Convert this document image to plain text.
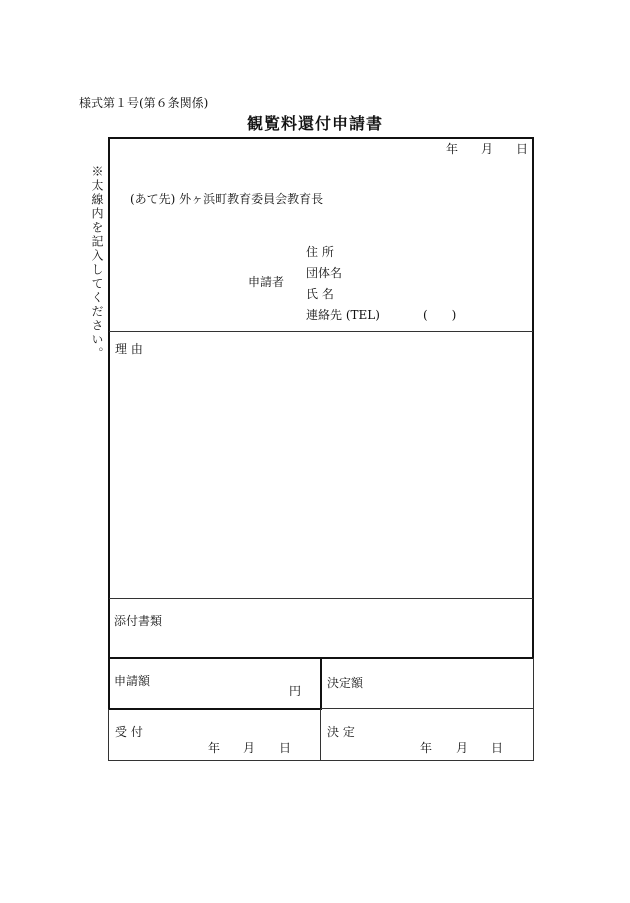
様式第１号(第６条関係)
観覧料還付申請書
※太線内を記入してください。
年 月 日
(あて先) 外ヶ浜町教育委員会教育長
申請者
住 所
団体名
氏 名
連絡先 (TEL)	(　　)
理 由
添付書類
申請額
円
決定額
受 付
年 月 日
決 定
年 月 日
